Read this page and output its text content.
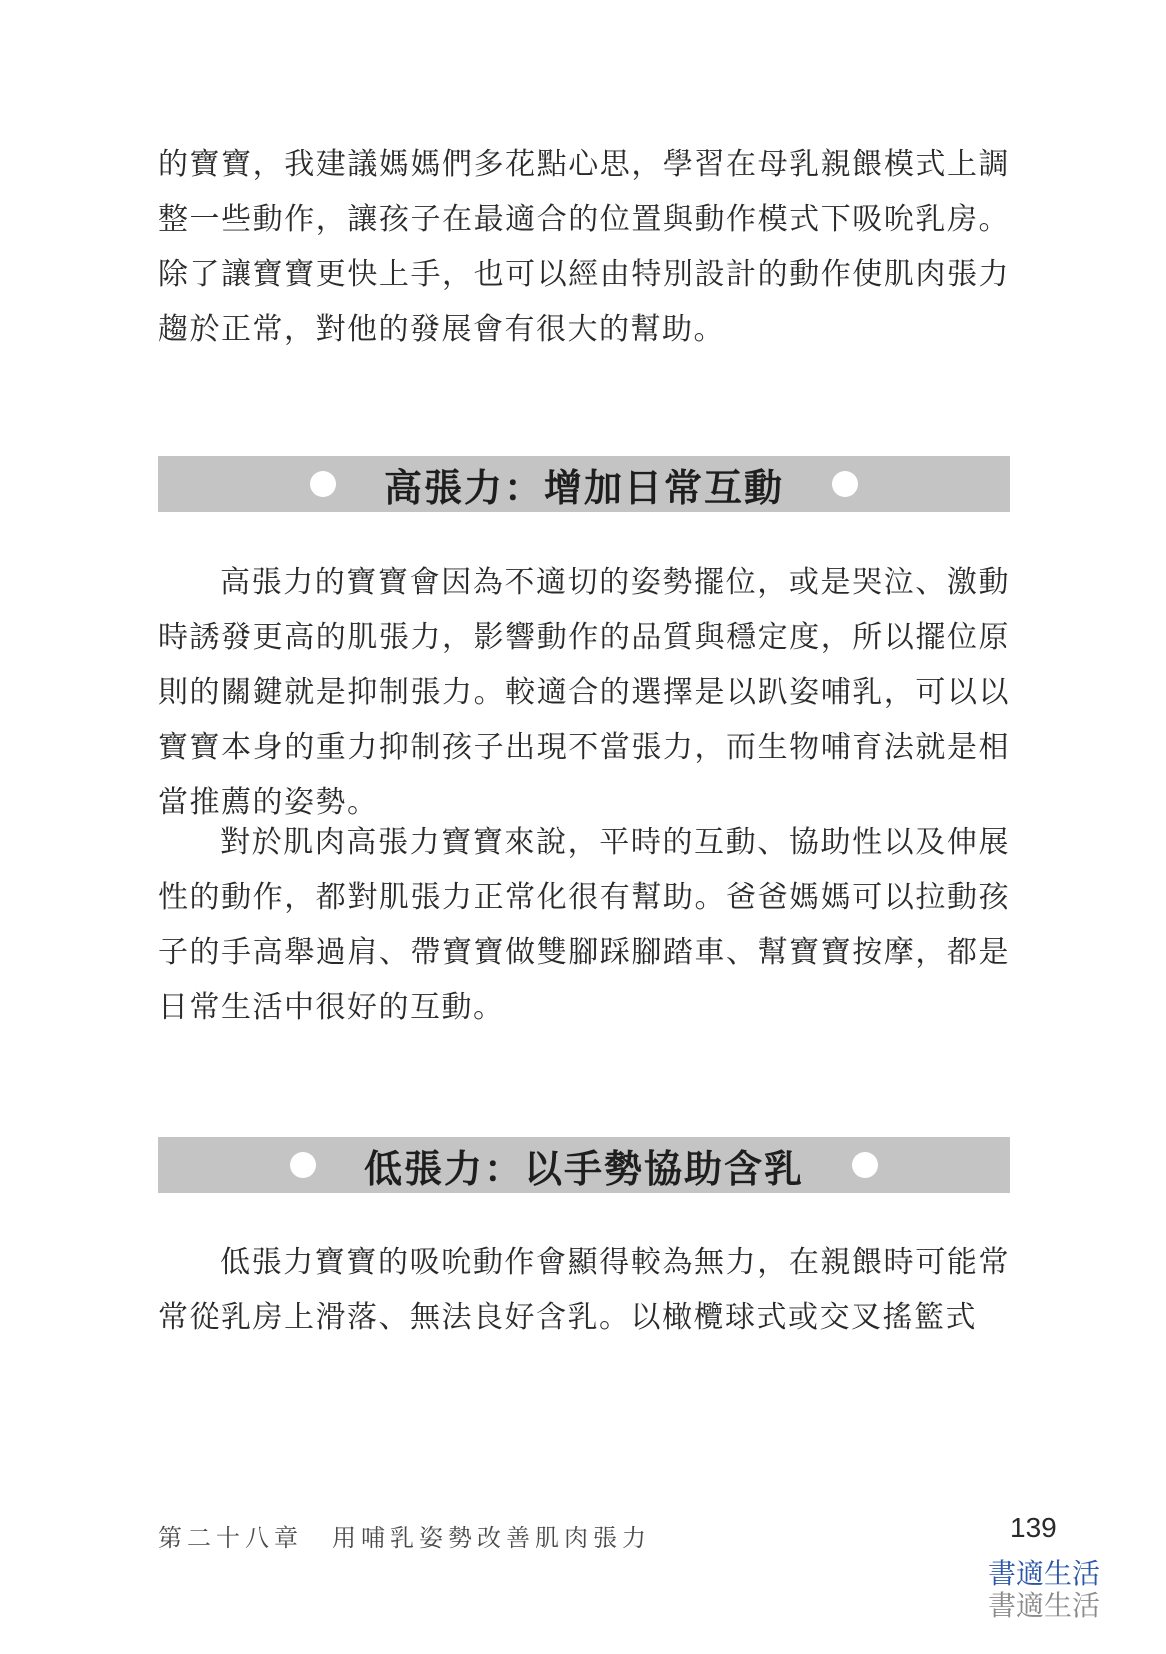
的寶寶，我建議媽媽們多花點心思，學習在母乳親餵模式上調整一些動作，讓孩子在最適合的位置與動作模式下吸吮乳房。除了讓寶寶更快上手，也可以經由特別設計的動作使肌肉張力趨於正常，對他的發展會有很大的幫助。

高張力：增加日常互動

高張力的寶寶會因為不適切的姿勢擺位，或是哭泣、激動時誘發更高的肌張力，影響動作的品質與穩定度，所以擺位原則的關鍵就是抑制張力。較適合的選擇是以趴姿哺乳，可以以寶寶本身的重力抑制孩子出現不當張力，而生物哺育法就是相當推薦的姿勢。

對於肌肉高張力寶寶來說，平時的互動、協助性以及伸展性的動作，都對肌張力正常化很有幫助。爸爸媽媽可以拉動孩子的手高舉過肩、帶寶寶做雙腳踩腳踏車、幫寶寶按摩，都是日常生活中很好的互動。

低張力：以手勢協助含乳

低張力寶寶的吸吮動作會顯得較為無力，在親餵時可能常常從乳房上滑落、無法良好含乳。以橄欖球式或交叉搖籃式

第二十八章　用哺乳姿勢改善肌肉張力	139
書適生活
書適生活
